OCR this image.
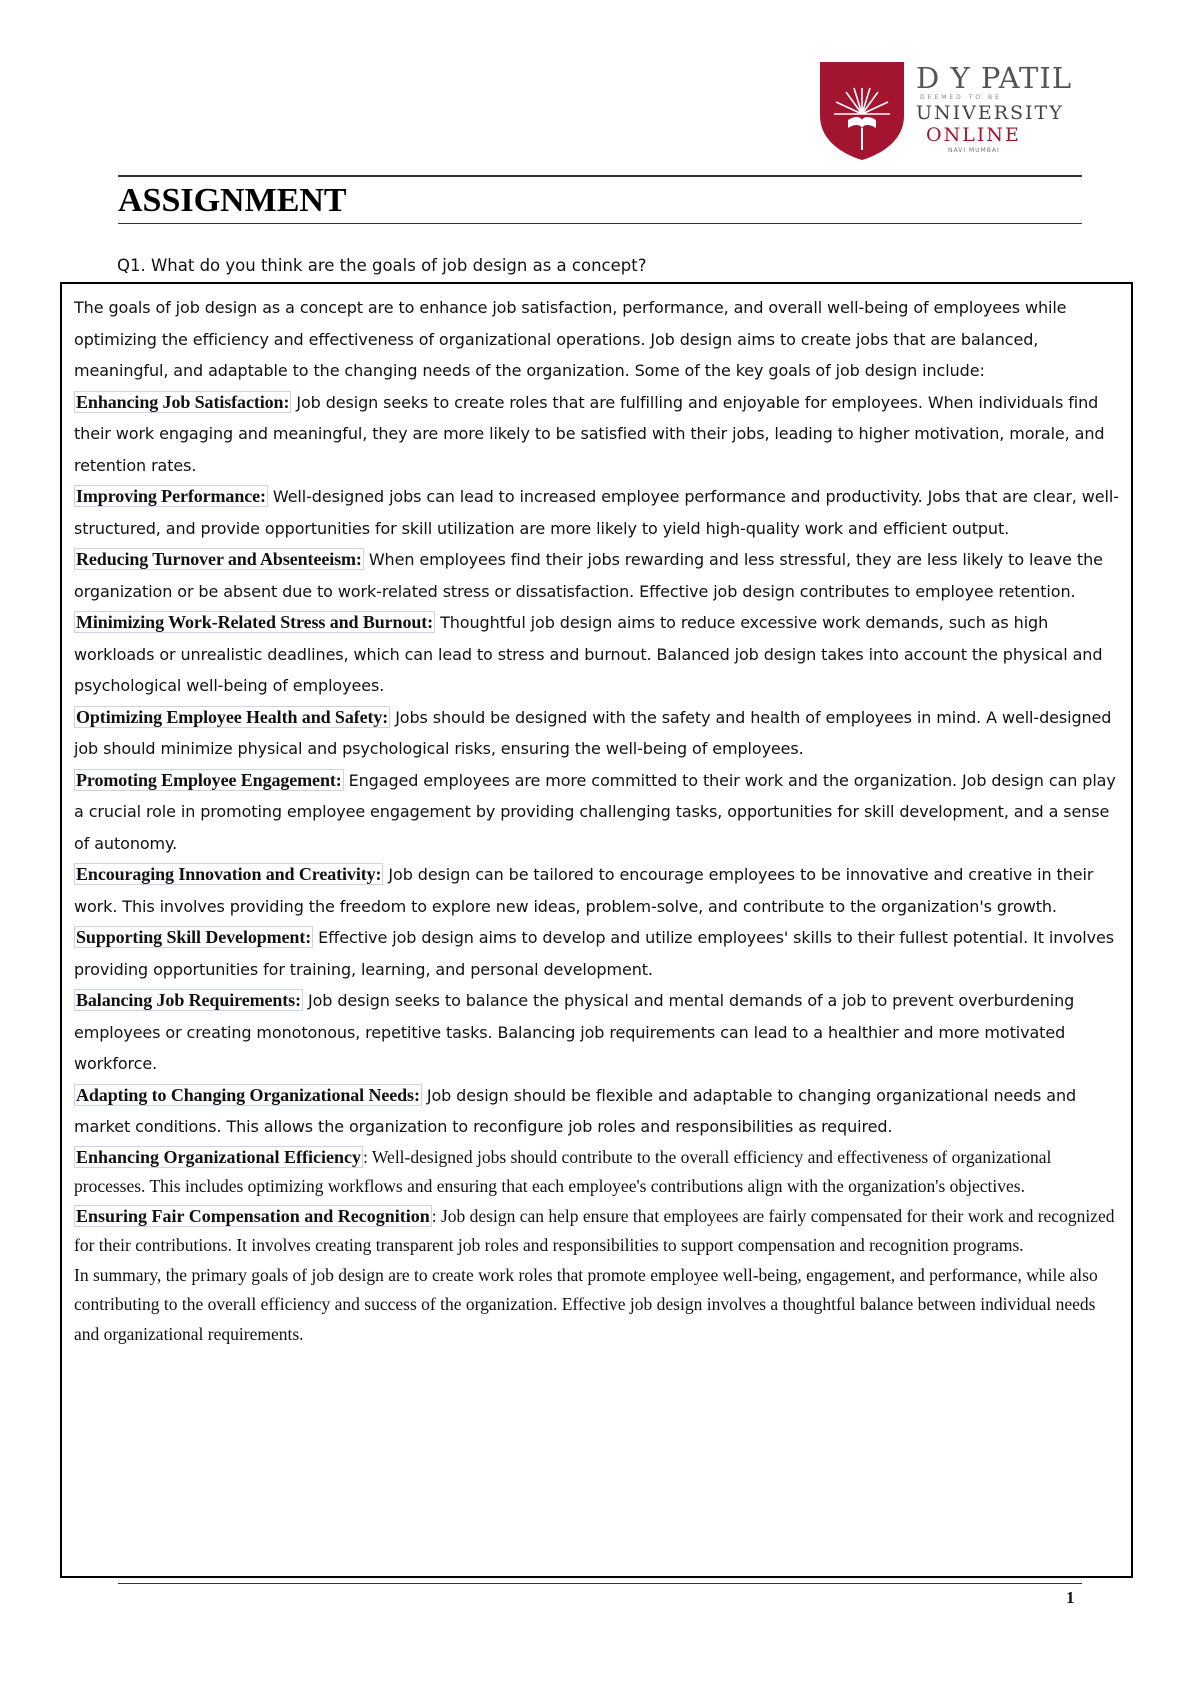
D Y PATIL
DEEMED TO BE
UNIVERSITY
ONLINE
NAVI MUMBAI
ASSIGNMENT
Q1. What do you think are the goals of job design as a concept?

The goals of job design as a concept are to enhance job satisfaction, performance, and overall well-being of employees while optimizing the efficiency and effectiveness of organizational operations. Job design aims to create jobs that are balanced, meaningful, and adaptable to the changing needs of the organization. Some of the key goals of job design include:

Enhancing Job Satisfaction: Job design seeks to create roles that are fulfilling and enjoyable for employees. When individuals find their work engaging and meaningful, they are more likely to be satisfied with their jobs, leading to higher motivation, morale, and retention rates.

Improving Performance: Well-designed jobs can lead to increased employee performance and productivity. Jobs that are clear, well-structured, and provide opportunities for skill utilization are more likely to yield high-quality work and efficient output.

Reducing Turnover and Absenteeism: When employees find their jobs rewarding and less stressful, they are less likely to leave the organization or be absent due to work-related stress or dissatisfaction. Effective job design contributes to employee retention.

Minimizing Work-Related Stress and Burnout: Thoughtful job design aims to reduce excessive work demands, such as high workloads or unrealistic deadlines, which can lead to stress and burnout. Balanced job design takes into account the physical and psychological well-being of employees.

Optimizing Employee Health and Safety: Jobs should be designed with the safety and health of employees in mind. A well-designed job should minimize physical and psychological risks, ensuring the well-being of employees.

Promoting Employee Engagement: Engaged employees are more committed to their work and the organization. Job design can play a crucial role in promoting employee engagement by providing challenging tasks, opportunities for skill development, and a sense of autonomy.

Encouraging Innovation and Creativity: Job design can be tailored to encourage employees to be innovative and creative in their work. This involves providing the freedom to explore new ideas, problem-solve, and contribute to the organization's growth.

Supporting Skill Development: Effective job design aims to develop and utilize employees' skills to their fullest potential. It involves providing opportunities for training, learning, and personal development.

Balancing Job Requirements: Job design seeks to balance the physical and mental demands of a job to prevent overburdening employees or creating monotonous, repetitive tasks. Balancing job requirements can lead to a healthier and more motivated workforce.

Adapting to Changing Organizational Needs: Job design should be flexible and adaptable to changing organizational needs and market conditions. This allows the organization to reconfigure job roles and responsibilities as required.

Enhancing Organizational Efficiency : Well-designed jobs should contribute to the overall efficiency and effectiveness of organizational processes. This includes optimizing workflows and ensuring that each employee's contributions align with the organization's objectives.

Ensuring Fair Compensation and Recognition : Job design can help ensure that employees are fairly compensated for their work and recognized for their contributions. It involves creating transparent job roles and responsibilities to support compensation and recognition programs.

In summary, the primary goals of job design are to create work roles that promote employee well-being, engagement, and performance, while also contributing to the overall efficiency and success of the organization. Effective job design involves a thoughtful balance between individual needs and organizational requirements.

1
